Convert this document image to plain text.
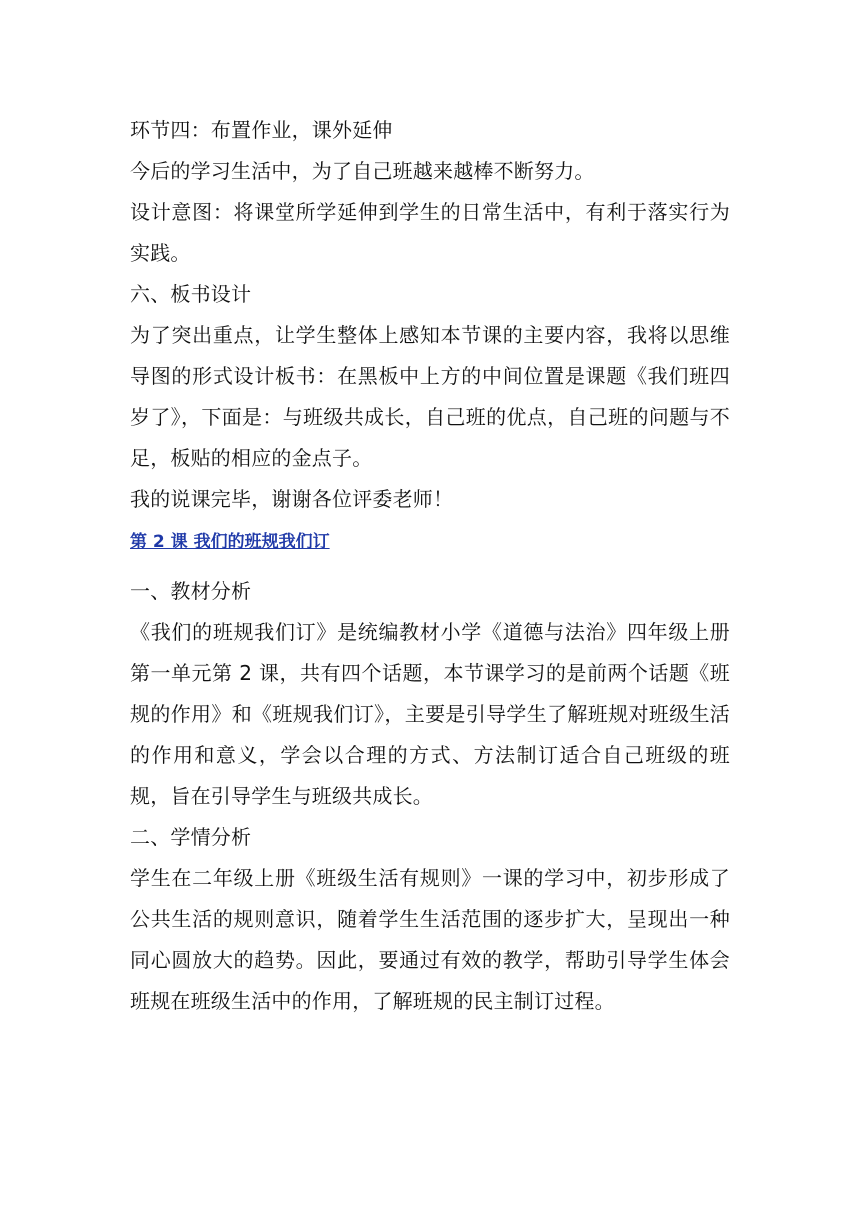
环节四：布置作业，课外延伸

今后的学习生活中，为了自己班越来越棒不断努力。

设计意图：将课堂所学延伸到学生的日常生活中，有利于落实行为实践。

六、板书设计

为了突出重点，让学生整体上感知本节课的主要内容，我将以思维导图的形式设计板书：在黑板中上方的中间位置是课题《我们班四岁了》，下面是：与班级共成长，自己班的优点，自己班的问题与不足，板贴的相应的金点子。

我的说课完毕，谢谢各位评委老师！

第 2 课 我们的班规我们订

一、教材分析

《我们的班规我们订》是统编教材小学《道德与法治》四年级上册第一单元第 2 课，共有四个话题，本节课学习的是前两个话题《班规的作用》和《班规我们订》，主要是引导学生了解班规对班级生活的作用和意义，学会以合理的方式、方法制订适合自己班级的班规，旨在引导学生与班级共成长。

二、学情分析

学生在二年级上册《班级生活有规则》一课的学习中，初步形成了公共生活的规则意识，随着学生生活范围的逐步扩大，呈现出一种同心圆放大的趋势。因此，要通过有效的教学，帮助引导学生体会班规在班级生活中的作用，了解班规的民主制订过程。
